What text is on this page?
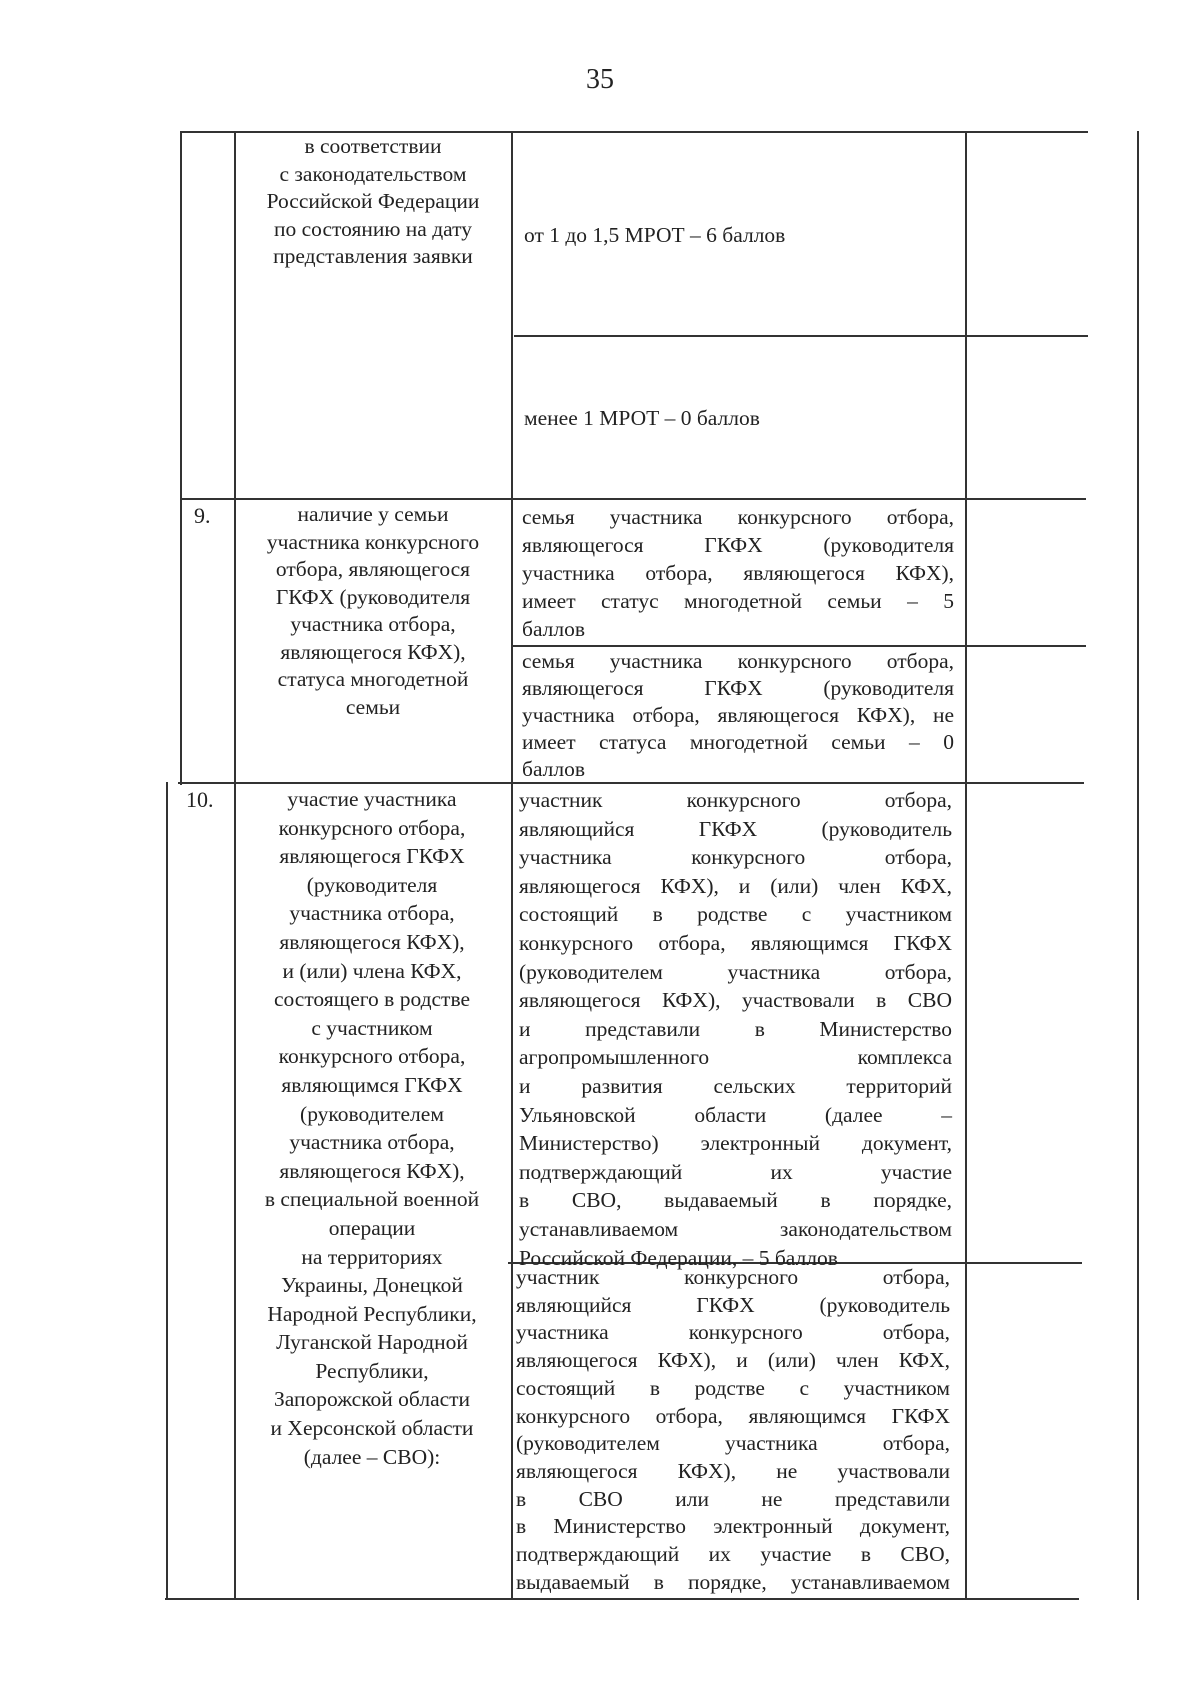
35
в соответствии
с законодательством
Российской Федерации
по состоянию на дату
представления заявки
от 1 до 1,5 МРОТ – 6 баллов
менее 1 МРОТ – 0 баллов
9.	наличие у семьи
участника конкурсного
отбора, являющегося
ГКФХ (руководителя
участника отбора,
являющегося КФХ),
статуса многодетной
семьи
семья участника конкурсного отбора,
являющегося ГКФХ (руководителя
участника отбора, являющегося КФХ),
имеет статус многодетной семьи – 5
баллов
семья участника конкурсного отбора,
являющегося ГКФХ (руководителя
участника отбора, являющегося КФХ), не
имеет статуса многодетной семьи – 0
баллов
10.	участие участника
конкурсного отбора,
являющегося ГКФХ
(руководителя
участника отбора,
являющегося КФХ),
и (или) члена КФХ,
состоящего в родстве
с участником
конкурсного отбора,
являющимся ГКФХ
(руководителем
участника отбора,
являющегося КФХ),
в специальной военной
операции
на территориях
Украины, Донецкой
Народной Республики,
Луганской Народной
Республики,
Запорожской области
и Херсонской области
(далее – СВО):
участник конкурсного отбора,
являющийся ГКФХ (руководитель
участника конкурсного отбора,
являющегося КФХ), и (или) член КФХ,
состоящий в родстве с участником
конкурсного отбора, являющимся ГКФХ
(руководителем участника отбора,
являющегося КФХ), участвовали в СВО
и представили в Министерство
агропромышленного комплекса
и развития сельских территорий
Ульяновской области (далее –
Министерство) электронный документ,
подтверждающий их участие
в СВО, выдаваемый в порядке,
устанавливаемом законодательством
Российской Федерации, – 5 баллов
участник конкурсного отбора,
являющийся ГКФХ (руководитель
участника конкурсного отбора,
являющегося КФХ), и (или) член КФХ,
состоящий в родстве с участником
конкурсного отбора, являющимся ГКФХ
(руководителем участника отбора,
являющегося КФХ), не участвовали
в СВО или не представили
в Министерство электронный документ,
подтверждающий их участие в СВО,
выдаваемый в порядке, устанавливаемом
